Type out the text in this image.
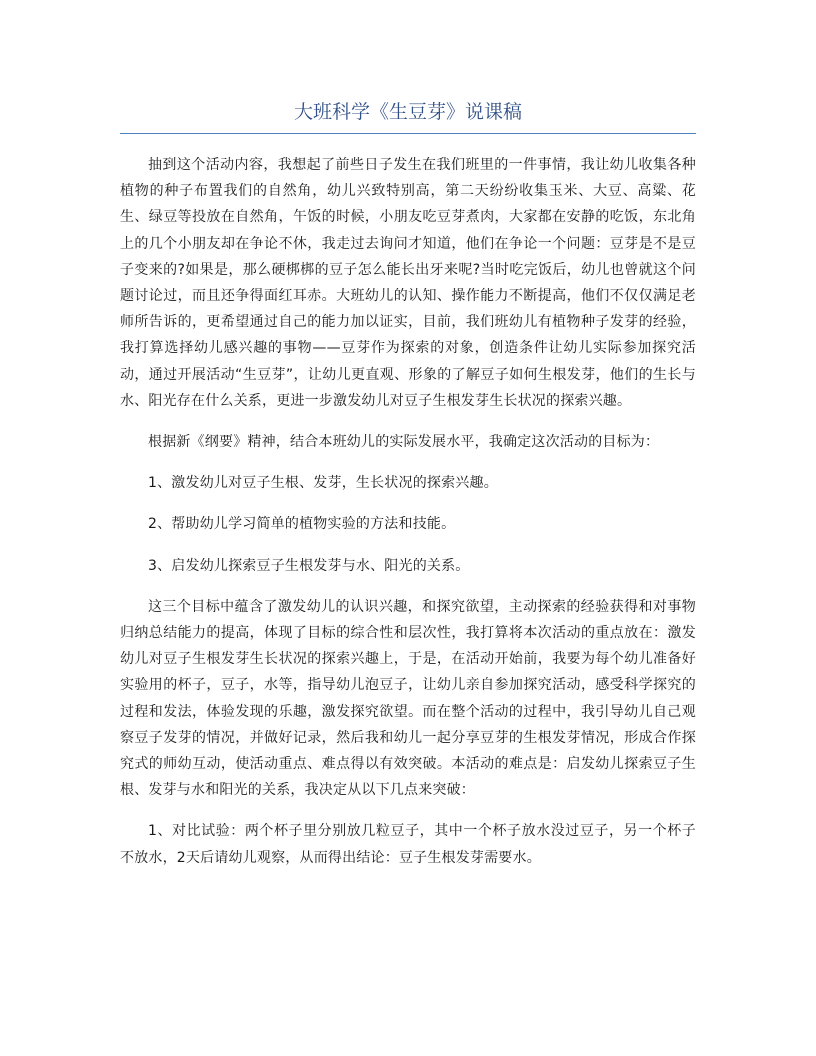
大班科学《生豆芽》说课稿

抽到这个活动内容，我想起了前些日子发生在我们班里的一件事情，我让幼儿收集各种植物的种子布置我们的自然角，幼儿兴致特别高，第二天纷纷收集玉米、大豆、高粱、花生、绿豆等投放在自然角，午饭的时候，小朋友吃豆芽煮肉，大家都在安静的吃饭，东北角上的几个小朋友却在争论不休，我走过去询问才知道，他们在争论一个问题：豆芽是不是豆子变来的?如果是，那么硬梆梆的豆子怎么能长出牙来呢?当时吃完饭后，幼儿也曾就这个问题讨论过，而且还争得面红耳赤。大班幼儿的认知、操作能力不断提高，他们不仅仅满足老师所告诉的，更希望通过自己的能力加以证实，目前，我们班幼儿有植物种子发芽的经验，我打算选择幼儿感兴趣的事物——豆芽作为探索的对象，创造条件让幼儿实际参加探究活动，通过开展活动“生豆芽”，让幼儿更直观、形象的了解豆子如何生根发芽，他们的生长与水、阳光存在什么关系，更进一步激发幼儿对豆子生根发芽生长状况的探索兴趣。

根据新《纲要》精神，结合本班幼儿的实际发展水平，我确定这次活动的目标为：

1、激发幼儿对豆子生根、发芽，生长状况的探索兴趣。

2、帮助幼儿学习简单的植物实验的方法和技能。

3、启发幼儿探索豆子生根发芽与水、阳光的关系。

这三个目标中蕴含了激发幼儿的认识兴趣，和探究欲望，主动探索的经验获得和对事物归纳总结能力的提高，体现了目标的综合性和层次性，我打算将本次活动的重点放在：激发幼儿对豆子生根发芽生长状况的探索兴趣上，于是，在活动开始前，我要为每个幼儿准备好实验用的杯子，豆子，水等，指导幼儿泡豆子，让幼儿亲自参加探究活动，感受科学探究的过程和发法，体验发现的乐趣，激发探究欲望。而在整个活动的过程中，我引导幼儿自己观察豆子发芽的情况，并做好记录，然后我和幼儿一起分享豆芽的生根发芽情况，形成合作探究式的师幼互动，使活动重点、难点得以有效突破。本活动的难点是：启发幼儿探索豆子生根、发芽与水和阳光的关系，我决定从以下几点来突破：

1、对比试验：两个杯子里分别放几粒豆子，其中一个杯子放水没过豆子，另一个杯子不放水，2天后请幼儿观察，从而得出结论：豆子生根发芽需要水。
